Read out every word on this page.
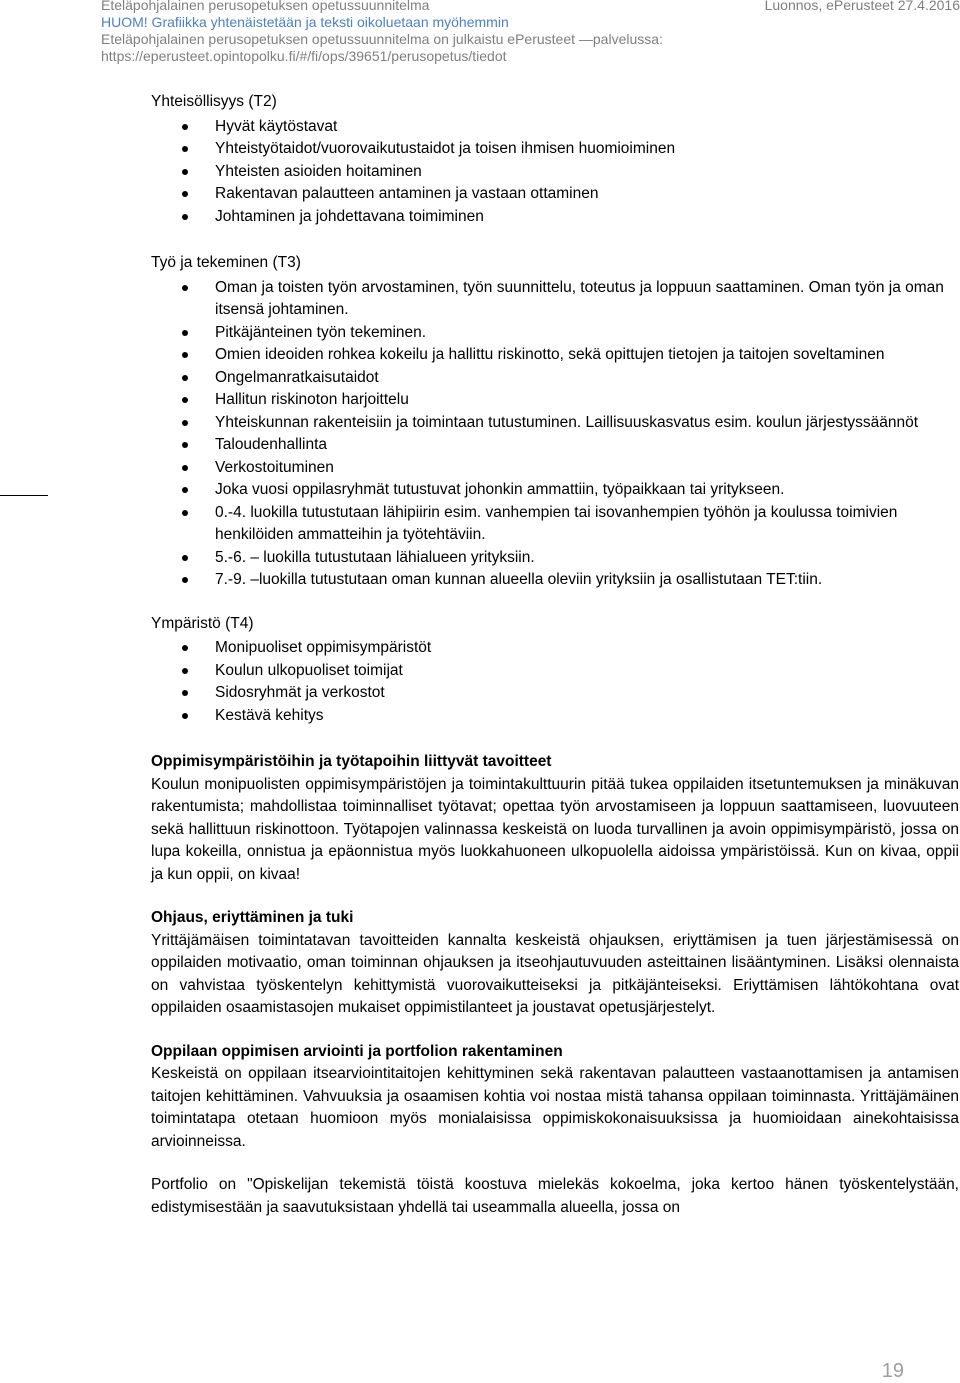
Eteläpohjalainen perusopetuksen opetussuunnitelma	Luonnos, ePerusteet 27.4.2016
HUOM! Grafiikka yhtenäistetään ja teksti oikoluetaan myöhemmin
Eteläpohjalainen perusopetuksen opetussuunnitelma on julkaistu ePerusteet —palvelussa:
https://eperusteet.opintopolku.fi/#/fi/ops/39651/perusopetus/tiedot

Yhteisöllisyys (T2)

Hyvät käytöstavat
Yhteistyötaidot/vuorovaikutustaidot ja toisen ihmisen huomioiminen
Yhteisten asioiden hoitaminen
Rakentavan palautteen antaminen ja vastaan ottaminen
Johtaminen ja johdettavana toimiminen

Työ ja tekeminen (T3)

Oman ja toisten työn arvostaminen, työn suunnittelu, toteutus ja loppuun saattaminen. Oman työn ja oman itsensä johtaminen.
Pitkäjänteinen työn tekeminen.
Omien ideoiden rohkea kokeilu ja hallittu riskinotto, sekä opittujen tietojen ja taitojen soveltaminen
Ongelmanratkaisutaidot
Hallitun riskinoton harjoittelu
Yhteiskunnan rakenteisiin ja toimintaan tutustuminen. Laillisuuskasvatus esim. koulun järjestyssäännöt
Taloudenhallinta
Verkostoituminen
Joka vuosi oppilasryhmät tutustuvat johonkin ammattiin, työpaikkaan tai yritykseen.
0.-4. luokilla tutustutaan lähipiirin esim. vanhempien tai isovanhempien työhön ja koulussa toimivien henkilöiden ammatteihin ja työtehtäviin.
5.-6. – luokilla tutustutaan lähialueen yrityksiin.
7.-9. –luokilla tutustutaan oman kunnan alueella oleviin yrityksiin ja osallistutaan TET:tiin.

Ympäristö (T4)

Monipuoliset oppimisympäristöt
Koulun ulkopuoliset toimijat
Sidosryhmät ja verkostot
Kestävä kehitys

Oppimisympäristöihin ja työtapoihin liittyvät tavoitteet

Koulun monipuolisten oppimisympäristöjen ja toimintakulttuurin pitää tukea oppilaiden itsetuntemuksen ja minäkuvan rakentumista; mahdollistaa toiminnalliset työtavat; opettaa työn arvostamiseen ja loppuun saattamiseen, luovuuteen sekä hallittuun riskinottoon. Työtapojen valinnassa keskeistä on luoda turvallinen ja avoin oppimisympäristö, jossa on lupa kokeilla, onnistua ja epäonnistua myös luokkahuoneen ulkopuolella aidoissa ympäristöissä. Kun on kivaa, oppii ja kun oppii, on kivaa!

Ohjaus, eriyttäminen ja tuki

Yrittäjämäisen toimintatavan tavoitteiden kannalta keskeistä ohjauksen, eriyttämisen ja tuen järjestämisessä on oppilaiden motivaatio, oman toiminnan ohjauksen ja itseohjautuvuuden asteittainen lisääntyminen. Lisäksi olennaista on vahvistaa työskentelyn kehittymistä vuorovaikutteiseksi ja pitkäjänteiseksi. Eriyttämisen lähtökohtana ovat oppilaiden osaamistasojen mukaiset oppimistilanteet ja joustavat opetusjärjestelyt.

Oppilaan oppimisen arviointi ja portfolion rakentaminen

Keskeistä on oppilaan itsearviointitaitojen kehittyminen sekä rakentavan palautteen vastaanottamisen ja antamisen taitojen kehittäminen. Vahvuuksia ja osaamisen kohtia voi nostaa mistä tahansa oppilaan toiminnasta. Yrittäjämäinen toimintatapa otetaan huomioon myös monialaisissa oppimiskokonaisuuksissa ja huomioidaan ainekohtaisissa arvioinneissa.

Portfolio on "Opiskelijan tekemistä töistä koostuva mielekäs kokoelma, joka kertoo hänen työskentelystään, edistymisestään ja saavutuksistaan yhdellä tai useammalla alueella, jossa on

19
